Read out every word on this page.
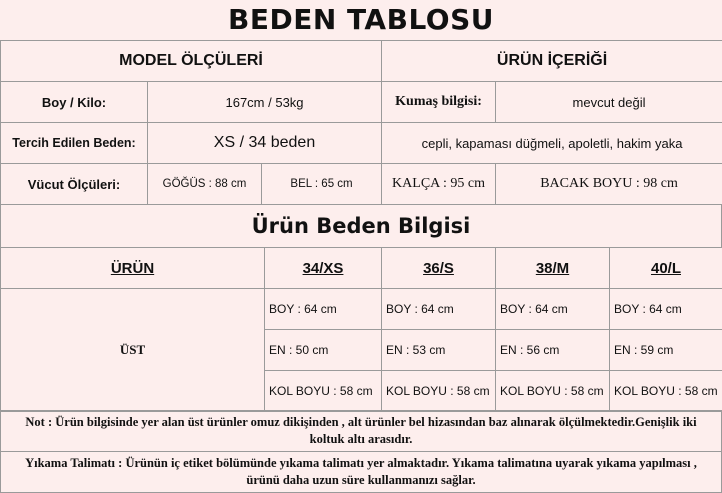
BEDEN TABLOSU
MODEL ÖLÇÜLERİ			ÜRÜN İÇERİĞİ	
Boy / Kilo:	167cm / 53kg		Kumaş bilgisi:	mevcut değil
Tercih Edilen Beden:	XS / 34 beden		cepli, kapaması düğmeli, apoletli, hakim yaka	
Vücut Ölçüleri:	GÖĞÜS : 88 cm	BEL : 65 cm	KALÇA : 95 cm	BACAK BOYU : 98 cm
Ürün Beden Bilgisi
ÜRÜN	34/XS	36/S	38/M	40/L
ÜST	BOY : 64 cm	BOY : 64 cm	BOY : 64 cm	BOY : 64 cm
	EN : 50 cm	EN : 53 cm	EN : 56 cm	EN : 59 cm
	KOL BOYU : 58 cm	KOL BOYU : 58 cm	KOL BOYU : 58 cm	KOL BOYU : 58 cm
Not : Ürün bilgisinde yer alan üst ürünler omuz dikişinden , alt ürünler bel hizasından baz alınarak ölçülmektedir.Genişlik iki koltuk altı arasıdır.
Yıkama Talimatı : Ürünün iç etiket bölümünde yıkama talimatı yer almaktadır. Yıkama talimatına uyarak yıkama yapılması , ürünü daha uzun süre kullanmanızı sağlar.
